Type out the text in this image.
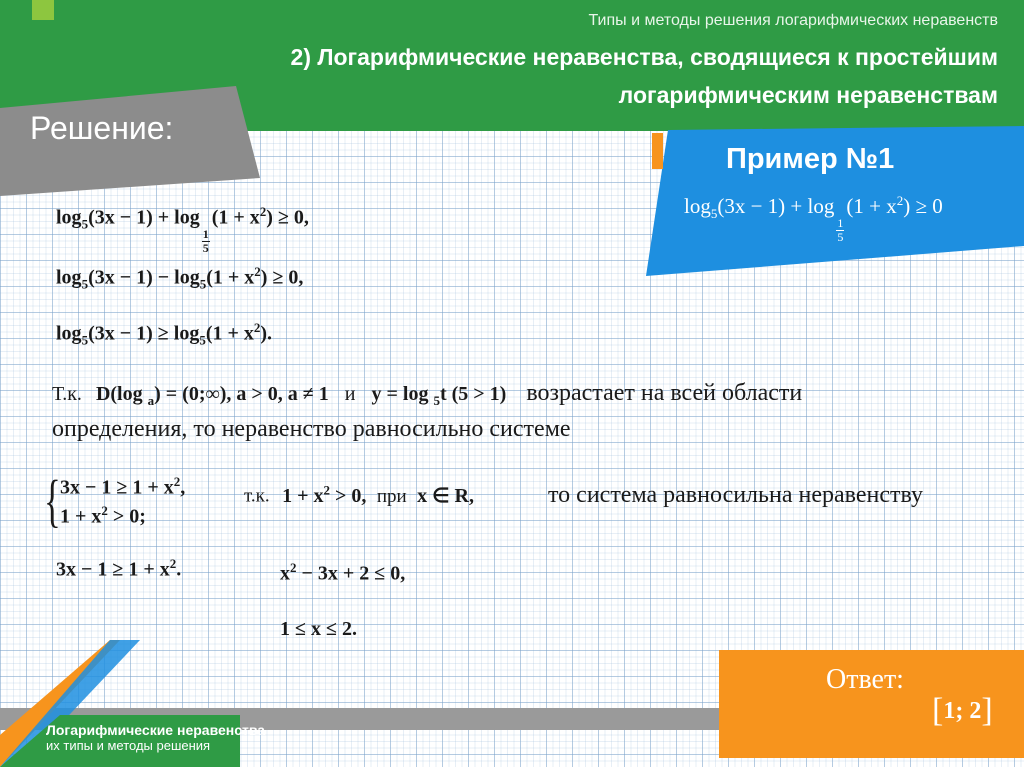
Типы и методы решения логарифмических неравенств
2) Логарифмические неравенства, сводящиеся к простейшим
логарифмическим неравенствам
Решение:
Пример №1
$\log_5(3x - 1) + \log$
$\frac{1}{5}$
$(1 + x^2) \ge 0$
$\log_5(3x - 1) + \log$
$\frac{1}{5}$
$(1 + x^2) \ge 0$,
$\log_5(3x - 1) - \log_5(1 + x^2) \ge 0$,
$\log_5(3x - 1) \ge \log_5(1 + x^2)$.
Т.к. D(log $_a$) = (0;∞), a > 0, a ≠ 1 и y = log $_5$t (5 > 1) возрастает на всей области
определения, то неравенство равносильно системе
{ $3x - 1 \ge 1 + x^2$,
$1 + x^2 > 0$;
т.к. $1 + x^2 > 0$, при x ∈ R,	то система равносильна неравенству
$3x - 1 \ge 1 + x^2$.	$x^2 - 3x + 2 \le 0$,
1 ≤ x ≤ 2.
Ответ:
[1; 2]
Логарифмические неравенства
их типы и методы решения
